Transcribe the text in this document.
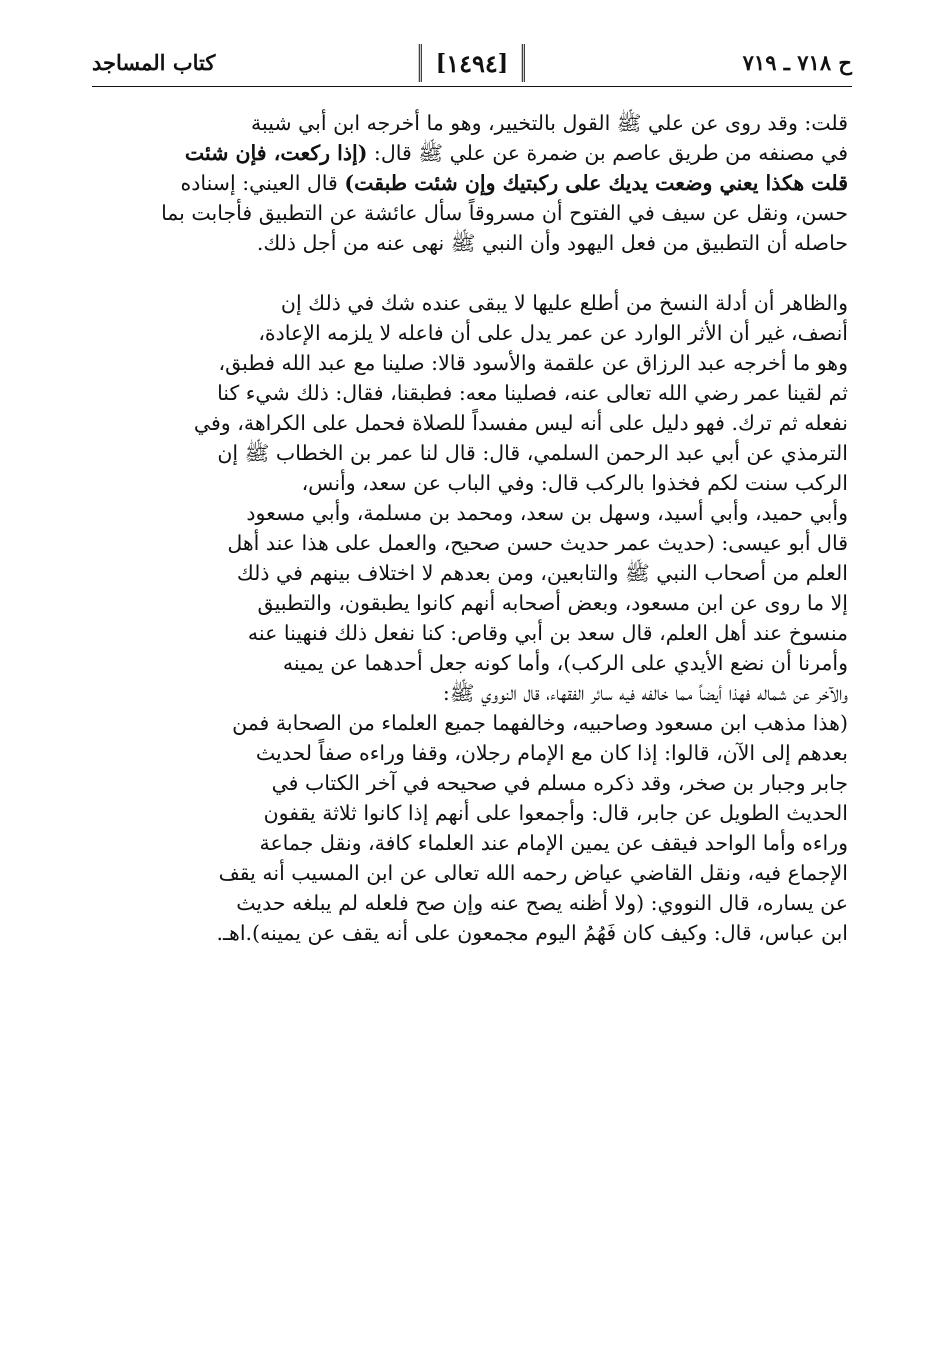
ح ٧١٨ ـ ٧١٩
[
١٤٩٤
]
كتاب المساجد
قلت: وقد روى عن علي ﷺ القول بالتخيير، وهو ما أخرجه ابن أبي شيبة
في مصنفه من طريق عاصم بن ضمرة عن علي ﷺ قال: (إذا ركعت، فإن شئت
قلت هكذا يعني وضعت يديك على ركبتيك وإن شئت طبقت) قال العيني: إسناده
حسن، ونقل عن سيف في الفتوح أن مسروقاً سأل عائشة عن التطبيق فأجابت بما
حاصله أن التطبيق من فعل اليهود وأن النبي ﷺ نهى عنه من أجل ذلك.
والظاهر أن أدلة النسخ من أطلع عليها لا يبقى عنده شك في ذلك إن
أنصف، غير أن الأثر الوارد عن عمر يدل على أن فاعله لا يلزمه الإعادة،
وهو ما أخرجه عبد الرزاق عن علقمة والأسود قالا: صلينا مع عبد الله فطبق،
ثم لقينا عمر رضي الله تعالى عنه، فصلينا معه: فطبقنا، فقال: ذلك شيء كنا
نفعله ثم ترك. فهو دليل على أنه ليس مفسداً للصلاة فحمل على الكراهة، وفي
الترمذي عن أبي عبد الرحمن السلمي، قال: قال لنا عمر بن الخطاب ﷺ إن
الركب سنت لكم فخذوا بالركب قال: وفي الباب عن سعد، وأنس،
وأبي حميد، وأبي أسيد، وسهل بن سعد، ومحمد بن مسلمة، وأبي مسعود
قال أبو عيسى: (حديث عمر حديث حسن صحيح، والعمل على هذا عند أهل
العلم من أصحاب النبي ﷺ والتابعين، ومن بعدهم لا اختلاف بينهم في ذلك
إلا ما روى عن ابن مسعود، وبعض أصحابه أنهم كانوا يطبقون، والتطبيق
منسوخ عند أهل العلم، قال سعد بن أبي وقاص: كنا نفعل ذلك فنهينا عنه
وأمرنا أن نضع الأيدي على الركب)، وأما كونه جعل أحدهما عن يمينه
والآخر عن شماله فهذا أيضاً مما خالفه فيه سائر الفقهاء، قال النووي ﷺ:
(هذا مذهب ابن مسعود وصاحبيه، وخالفهما جميع العلماء من الصحابة فمن
بعدهم إلى الآن، قالوا: إذا كان مع الإمام رجلان، وقفا وراءه صفاً لحديث
جابر وجبار بن صخر، وقد ذكره مسلم في صحيحه في آخر الكتاب في
الحديث الطويل عن جابر، قال: وأجمعوا على أنهم إذا كانوا ثلاثة يقفون
وراءه وأما الواحد فيقف عن يمين الإمام عند العلماء كافة، ونقل جماعة
الإجماع فيه، ونقل القاضي عياض رحمه الله تعالى عن ابن المسيب أنه يقف
عن يساره، قال النووي: (ولا أظنه يصح عنه وإن صح فلعله لم يبلغه حديث
ابن عباس، قال: وكيف كان فَهُمُ اليوم مجمعون على أنه يقف عن يمينه).اهـ.
